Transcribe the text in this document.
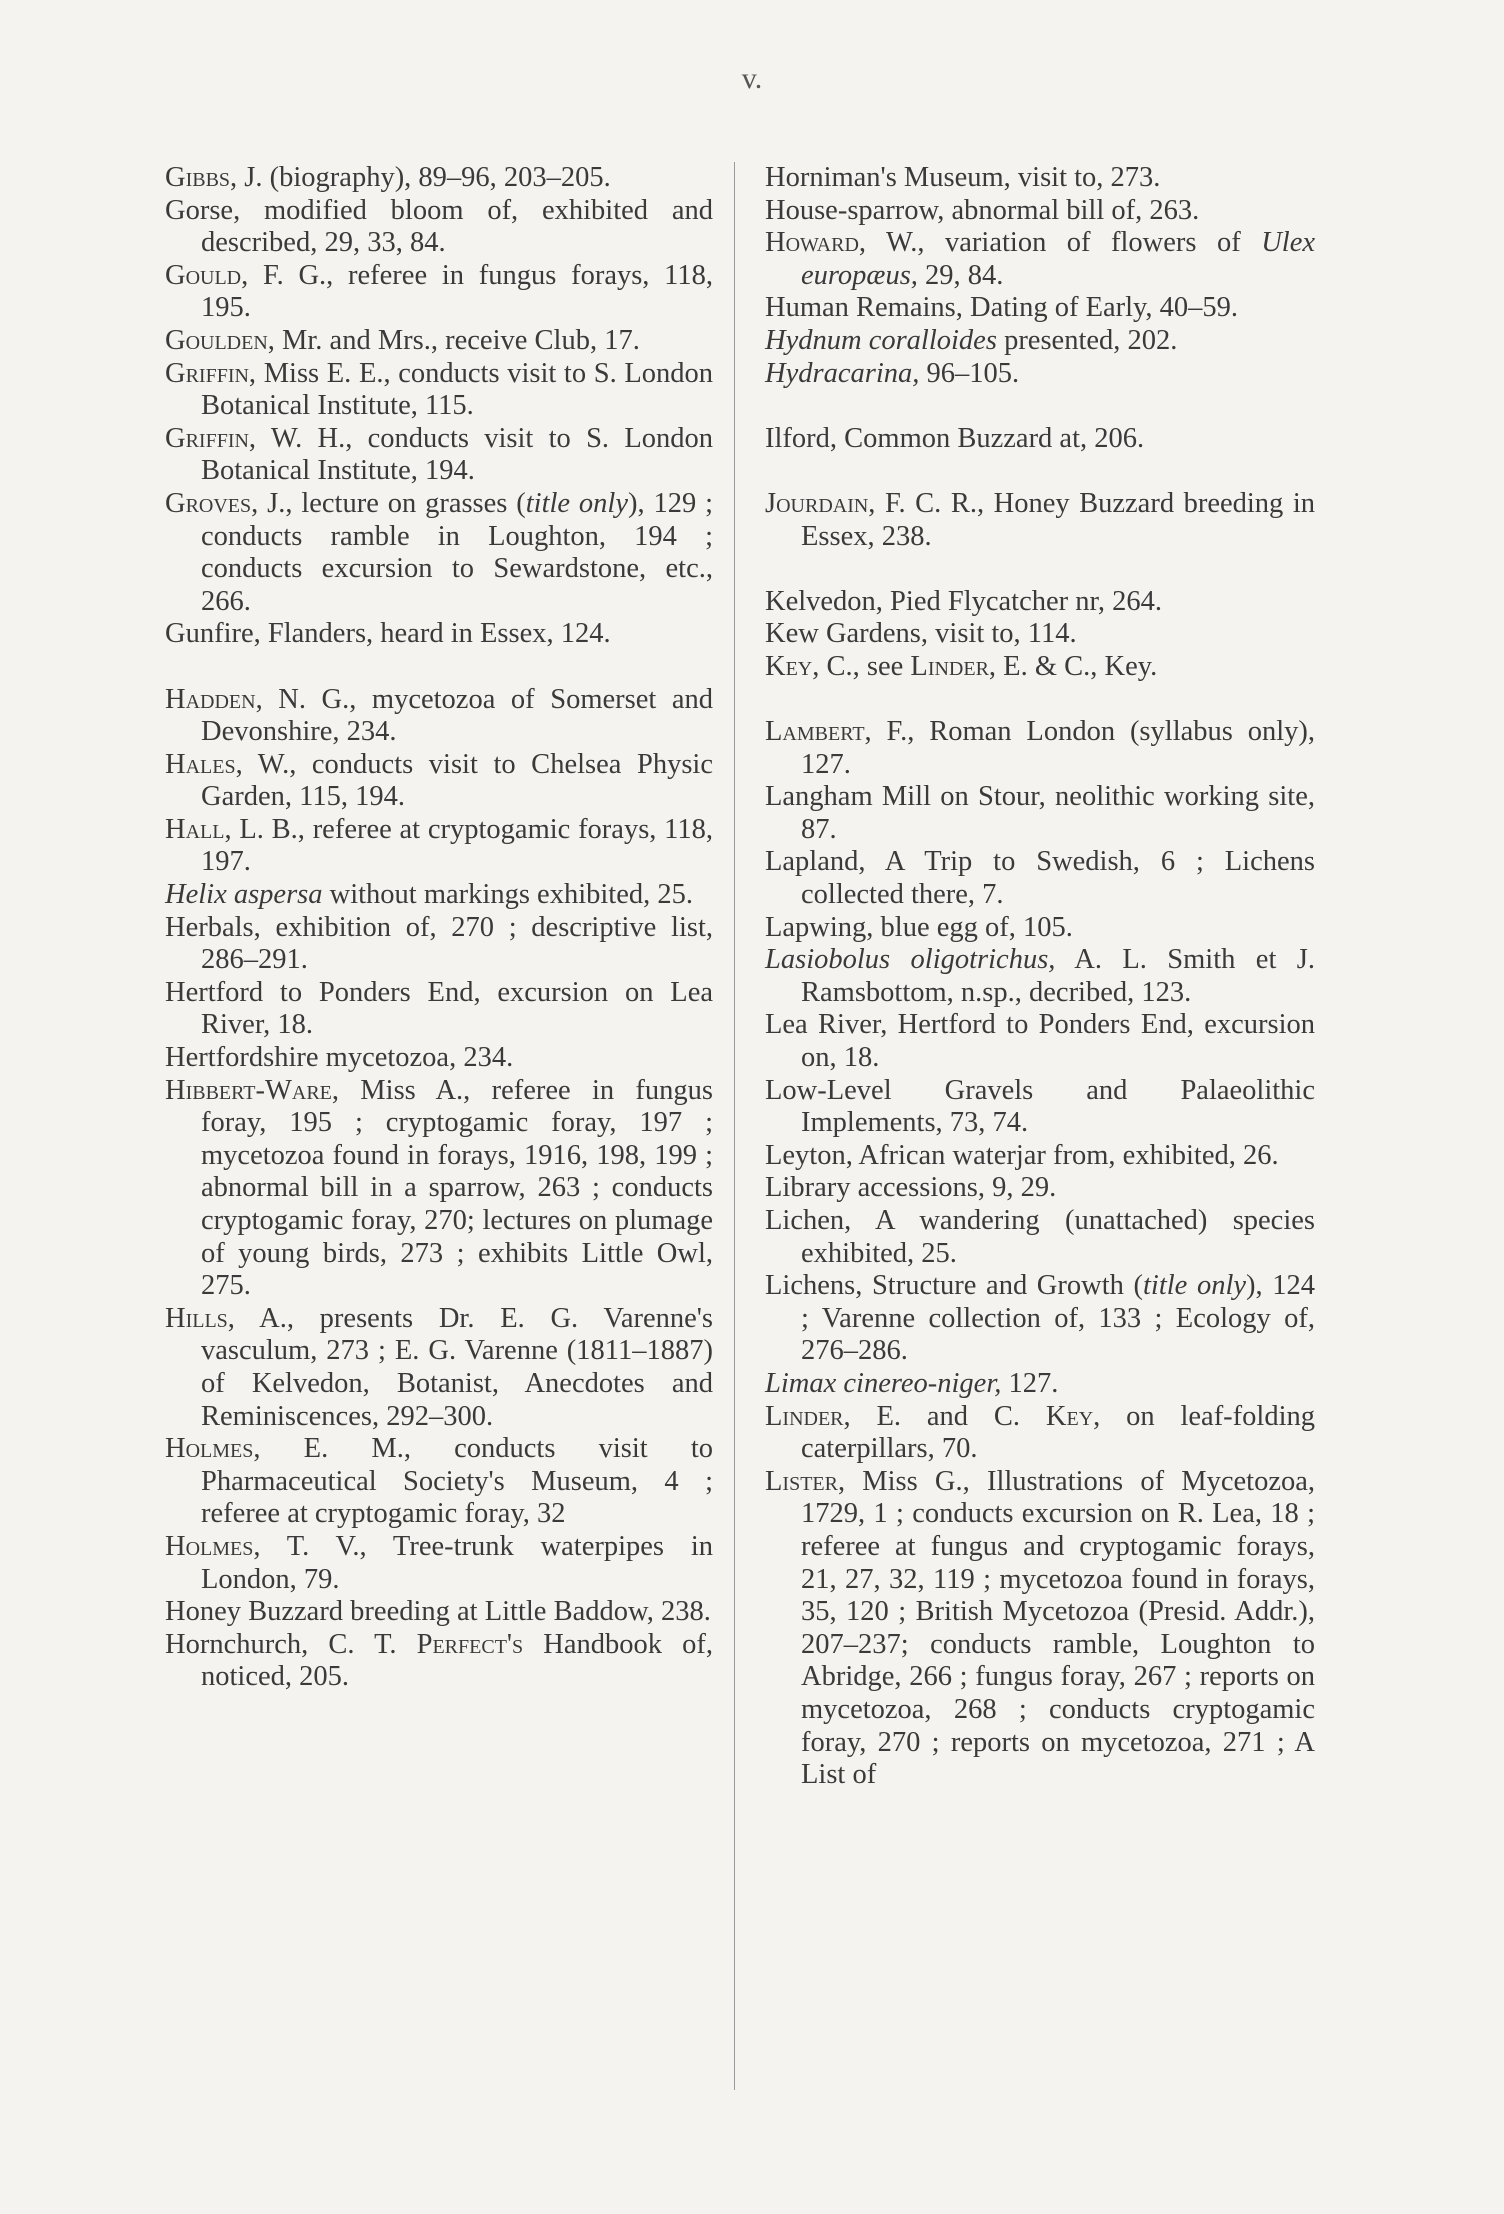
v.

Gibbs, J. (biography), 89–96, 203–205.

Gorse, modified bloom of, exhibited and described, 29, 33, 84.

Gould, F. G., referee in fungus forays, 118, 195.

Goulden, Mr. and Mrs., receive Club, 17.

Griffin, Miss E. E., conducts visit to S. London Botanical Institute, 115.

Griffin, W. H., conducts visit to S. London Botanical Institute, 194.

Groves, J., lecture on grasses (title only), 129 ; conducts ramble in Loughton, 194 ; conducts excursion to Sewardstone, etc., 266.

Gunfire, Flanders, heard in Essex, 124.

Hadden, N. G., mycetozoa of Somerset and Devonshire, 234.

Hales, W., conducts visit to Chelsea Physic Garden, 115, 194.

Hall, L. B., referee at cryptogamic forays, 118, 197.

Helix aspersa without markings exhibited, 25.

Herbals, exhibition of, 270 ; descriptive list, 286–291.

Hertford to Ponders End, excursion on Lea River, 18.

Hertfordshire mycetozoa, 234.

Hibbert-Ware, Miss A., referee in fungus foray, 195 ; cryptogamic foray, 197 ; mycetozoa found in forays, 1916, 198, 199 ; abnormal bill in a sparrow, 263 ; conducts cryptogamic foray, 270; lectures on plumage of young birds, 273 ; exhibits Little Owl, 275.

Hills, A., presents Dr. E. G. Varenne's vasculum, 273 ; E. G. Varenne (1811–1887) of Kelvedon, Botanist, Anecdotes and Reminiscences, 292–300.

Holmes, E. M., conducts visit to Pharmaceutical Society's Museum, 4 ; referee at cryptogamic foray, 32

Holmes, T. V., Tree-trunk waterpipes in London, 79.

Honey Buzzard breeding at Little Baddow, 238.

Hornchurch, C. T. Perfect's Handbook of, noticed, 205.

Horniman's Museum, visit to, 273.

House-sparrow, abnormal bill of, 263.

Howard, W., variation of flowers of Ulex europæus, 29, 84.

Human Remains, Dating of Early, 40–59.

Hydnum coralloides presented, 202.

Hydracarina, 96–105.

Ilford, Common Buzzard at, 206.

Jourdain, F. C. R., Honey Buzzard breeding in Essex, 238.

Kelvedon, Pied Flycatcher nr, 264.

Kew Gardens, visit to, 114.

Key, C., see Linder, E. & C., Key.

Lambert, F., Roman London (syllabus only), 127.

Langham Mill on Stour, neolithic working site, 87.

Lapland, A Trip to Swedish, 6 ; Lichens collected there, 7.

Lapwing, blue egg of, 105.

Lasiobolus oligotrichus, A. L. Smith et J. Ramsbottom, n.sp., decribed, 123.

Lea River, Hertford to Ponders End, excursion on, 18.

Low-Level Gravels and Palaeolithic Implements, 73, 74.

Leyton, African waterjar from, exhibited, 26.

Library accessions, 9, 29.

Lichen, A wandering (unattached) species exhibited, 25.

Lichens, Structure and Growth (title only), 124 ; Varenne collection of, 133 ; Ecology of, 276–286.

Limax cinereo-niger, 127.

Linder, E. and C. Key, on leaf-folding caterpillars, 70.

Lister, Miss G., Illustrations of Mycetozoa, 1729, 1 ; conducts excursion on R. Lea, 18 ; referee at fungus and cryptogamic forays, 21, 27, 32, 119 ; mycetozoa found in forays, 35, 120 ; British Mycetozoa (Presid. Addr.), 207–237; conducts ramble, Loughton to Abridge, 266 ; fungus foray, 267 ; reports on mycetozoa, 268 ; conducts cryptogamic foray, 270 ; reports on mycetozoa, 271 ; A List of
